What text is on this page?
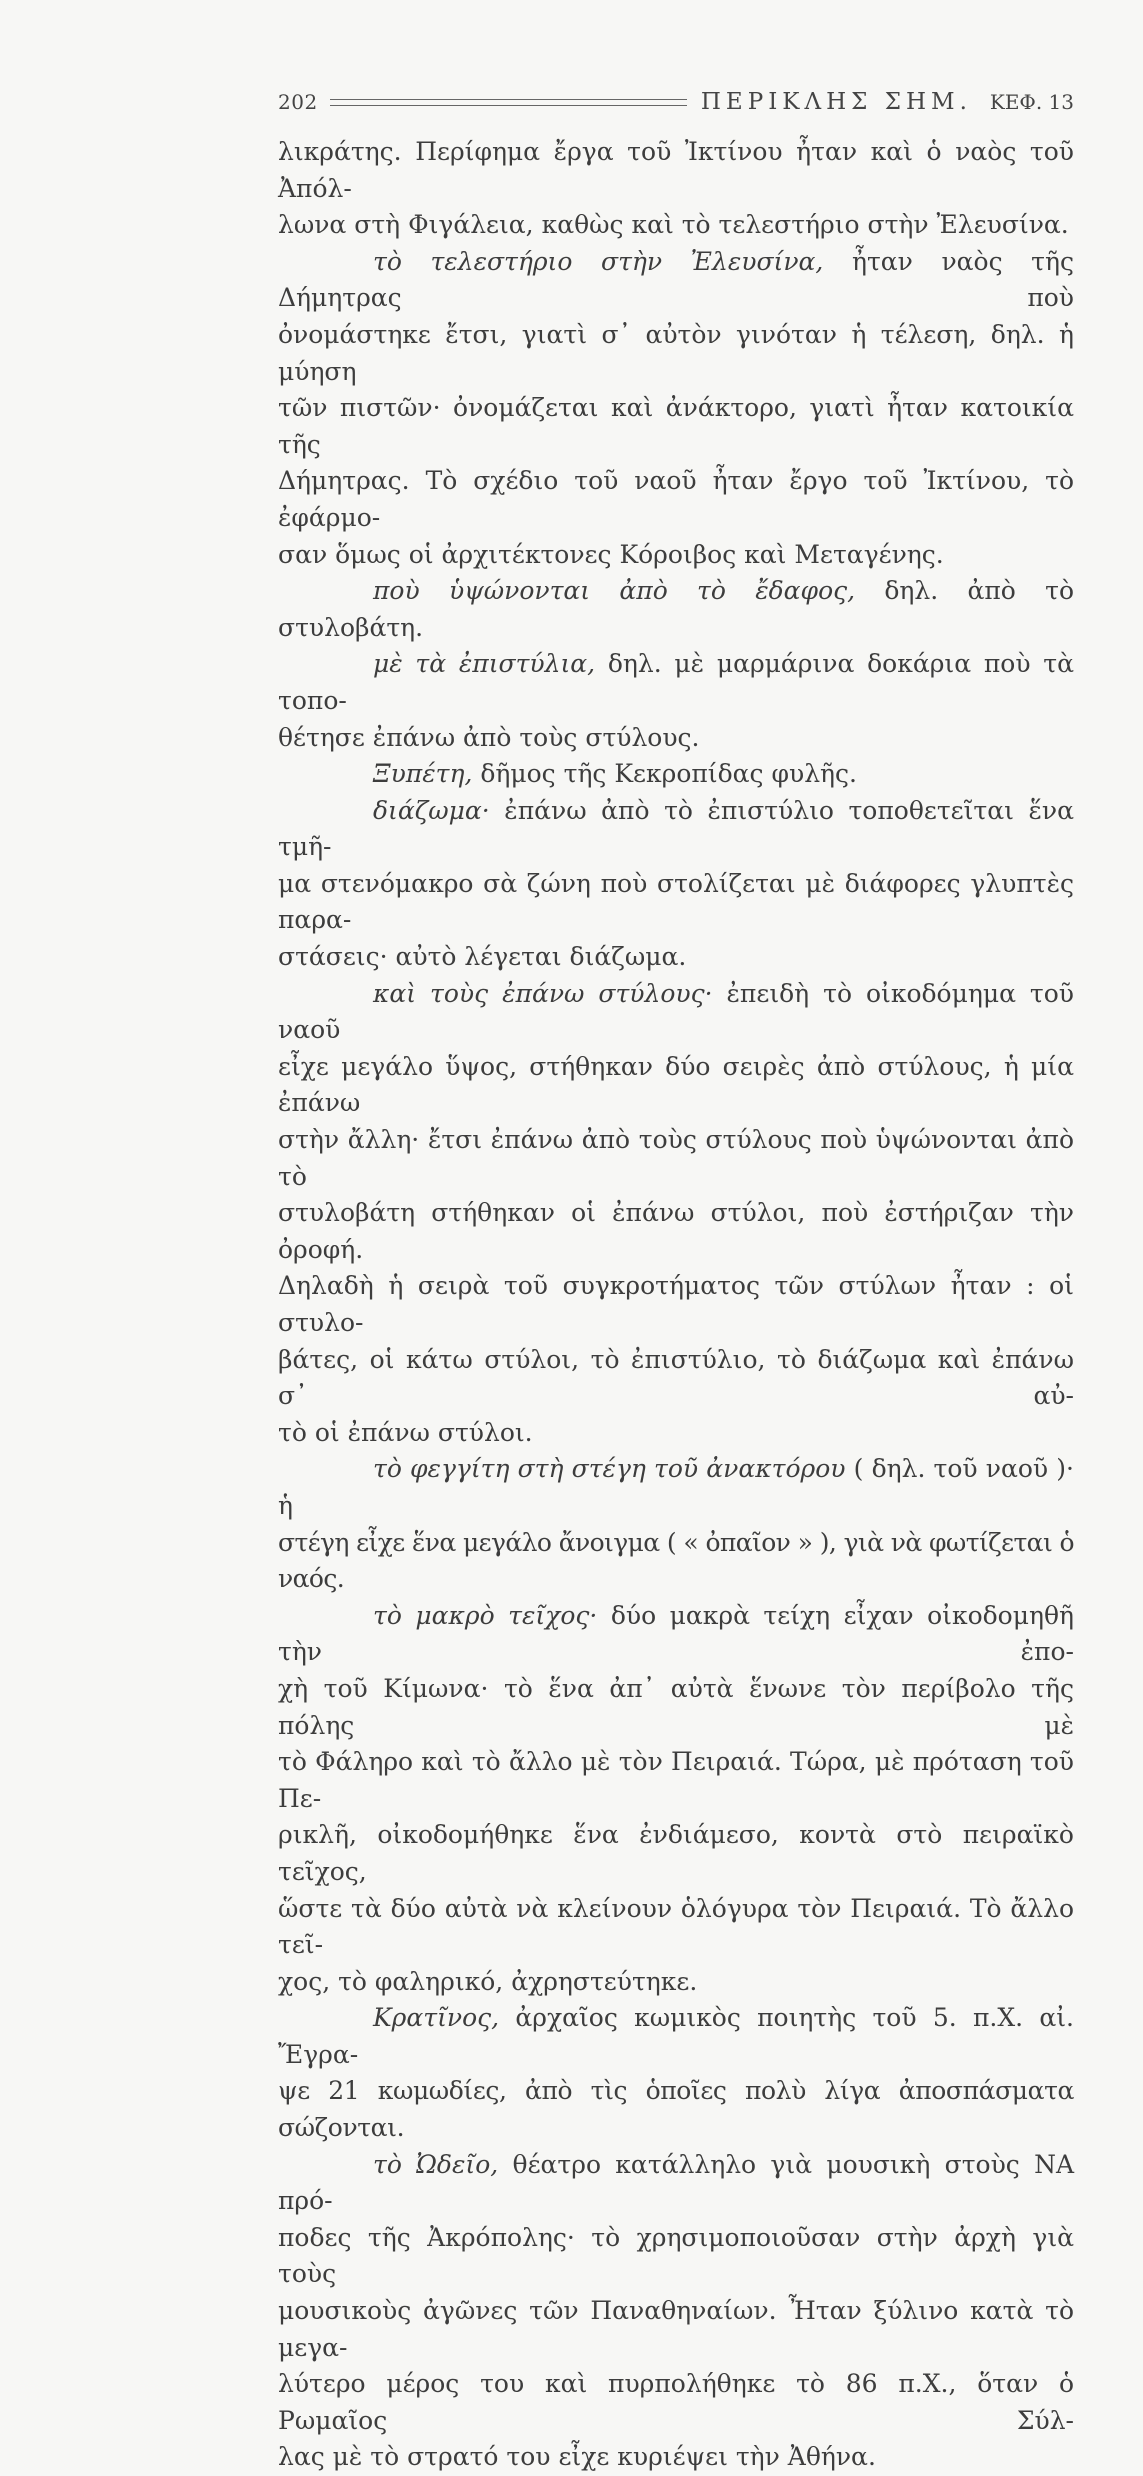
202	ΠΕΡΙΚΛΗΣ ΣΗΜ. ΚΕΦ. 13

λικράτης. Περίφημα ἔργα τοῦ Ἰκτίνου ἦταν καὶ ὁ ναὸς τοῦ Ἀπόλ-

λωνα στὴ Φιγάλεια, καθὼς καὶ τὸ τελεστήριο στὴν Ἐλευσίνα.

τὸ τελεστήριο στὴν Ἐλευσίνα, ἦταν ναὸς τῆς Δήμητρας ποὺ

ὀνομάστηκε ἔτσι, γιατὶ σ᾽ αὐτὸν γινόταν ἡ τέλεση, δηλ. ἡ μύηση

τῶν πιστῶν· ὀνομάζεται καὶ ἀνάκτορο, γιατὶ ἦταν κατοικία τῆς

Δήμητρας. Τὸ σχέδιο τοῦ ναοῦ ἦταν ἔργο τοῦ Ἰκτίνου, τὸ ἐφάρμο-

σαν ὅμως οἱ ἀρχιτέκτονες Κόροιβος καὶ Μεταγένης.

ποὺ ὑψώνονται ἀπὸ τὸ ἔδαφος, δηλ. ἀπὸ τὸ στυλοβάτη.

μὲ τὰ ἐπιστύλια, δηλ. μὲ μαρμάρινα δοκάρια ποὺ τὰ τοπο-

θέτησε ἐπάνω ἀπὸ τοὺς στύλους.

Ξυπέτη, δῆμος τῆς Κεκροπίδας φυλῆς.

διάζωμα· ἐπάνω ἀπὸ τὸ ἐπιστύλιο τοποθετεῖται ἕνα τμῆ-

μα στενόμακρο σὰ ζώνη ποὺ στολίζεται μὲ διάφορες γλυπτὲς παρα-

στάσεις· αὐτὸ λέγεται διάζωμα.

καὶ τοὺς ἐπάνω στύλους· ἐπειδὴ τὸ οἰκοδόμημα τοῦ ναοῦ

εἶχε μεγάλο ὕψος, στήθηκαν δύο σειρὲς ἀπὸ στύλους, ἡ μία ἐπάνω

στὴν ἄλλη· ἔτσι ἐπάνω ἀπὸ τοὺς στύλους ποὺ ὑψώνονται ἀπὸ τὸ

στυλοβάτη στήθηκαν οἱ ἐπάνω στύλοι, ποὺ ἐστήριζαν τὴν ὀροφή.

Δηλαδὴ ἡ σειρὰ τοῦ συγκροτήματος τῶν στύλων ἦταν : οἱ στυλο-

βάτες, οἱ κάτω στύλοι, τὸ ἐπιστύλιο, τὸ διάζωμα καὶ ἐπάνω σ᾽ αὐ-

τὸ οἱ ἐπάνω στύλοι.

τὸ φεγγίτη στὴ στέγη τοῦ ἀνακτόρου ( δηλ. τοῦ ναοῦ )· ἡ

στέγη εἶχε ἕνα μεγάλο ἄνοιγμα ( « ὀπαῖον » ), γιὰ νὰ φωτίζεται ὁ ναός.

τὸ μακρὸ τεῖχος· δύο μακρὰ τείχη εἶχαν οἰκοδομηθῆ τὴν ἐπο-

χὴ τοῦ Κίμωνα· τὸ ἕνα ἀπ᾽ αὐτὰ ἕνωνε τὸν περίβολο τῆς πόλης μὲ

τὸ Φάληρο καὶ τὸ ἄλλο μὲ τὸν Πειραιά. Τώρα, μὲ πρόταση τοῦ Πε-

ρικλῆ, οἰκοδομήθηκε ἕνα ἐνδιάμεσο, κοντὰ στὸ πειραϊκὸ τεῖχος,

ὥστε τὰ δύο αὐτὰ νὰ κλείνουν ὁλόγυρα τὸν Πειραιά. Τὸ ἄλλο τεῖ-

χος, τὸ φαληρικό, ἀχρηστεύτηκε.

Κρατῖνος, ἀρχαῖος κωμικὸς ποιητὴς τοῦ 5. π.Χ. αἰ. Ἔγρα-

ψε 21 κωμωδίες, ἀπὸ τὶς ὁποῖες πολὺ λίγα ἀποσπάσματα σώζονται.

τὸ Ὠδεῖο, θέατρο κατάλληλο γιὰ μουσικὴ στοὺς ΝΑ πρό-

ποδες τῆς Ἀκρόπολης· τὸ χρησιμοποιοῦσαν στὴν ἀρχὴ γιὰ τοὺς

μουσικοὺς ἀγῶνες τῶν Παναθηναίων. Ἦταν ξύλινο κατὰ τὸ μεγα-

λύτερο μέρος του καὶ πυρπολήθηκε τὸ 86 π.Χ., ὅταν ὁ Ρωμαῖος Σύλ-

λας μὲ τὸ στρατό του εἶχε κυριέψει τὴν Ἀθήνα.
